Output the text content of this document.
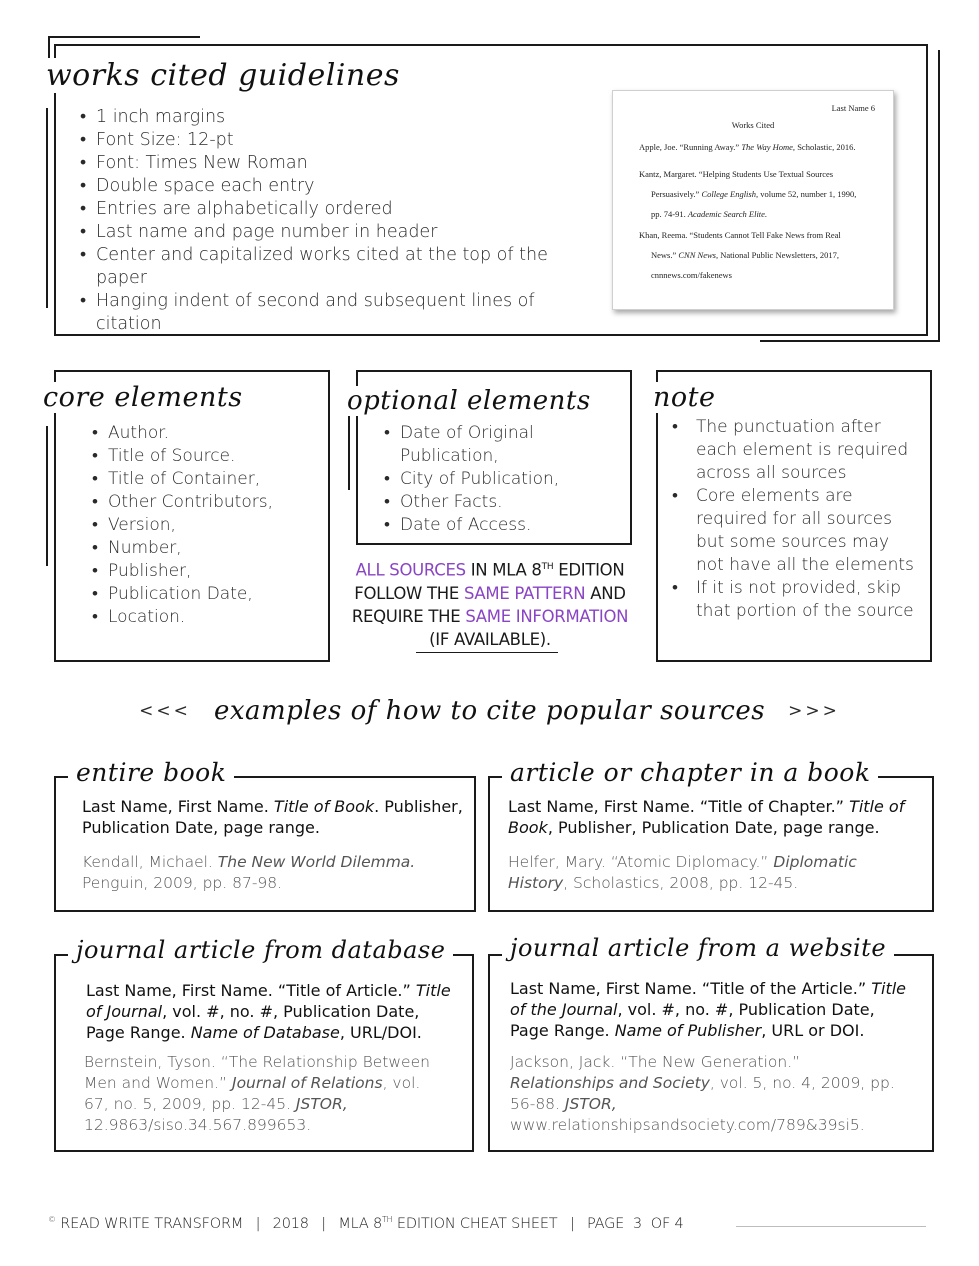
works cited guidelines
• 1 inch margins
• Font Size: 12-pt
• Font: Times New Roman
• Double space each entry
• Entries are alphabetically ordered
• Last name and page number in header
• Center and capitalized works cited at the top of the paper
• Hanging indent of second and subsequent lines of citation
Last Name 6
Works Cited
Apple, Joe. “Running Away.” The Way Home, Scholastic, 2016.
Kantz, Margaret. “Helping Students Use Textual Sources
Persuasively.” College English, volume 52, number 1, 1990,
pp. 74-91. Academic Search Elite.
Khan, Reema. “Students Cannot Tell Fake News from Real
News.” CNN News, National Public Newsletters, 2017,
cnnnews.com/fakenews
core elements
• Author.
• Title of Source.
• Title of Container,
• Other Contributors,
• Version,
• Number,
• Publisher,
• Publication Date,
• Location.
optional elements
• Date of Original Publication,
• City of Publication,
• Other Facts.
• Date of Access.
ALL SOURCES IN MLA 8TH EDITION
FOLLOW THE SAME PATTERN AND
REQUIRE THE SAME INFORMATION
(IF AVAILABLE).
note
• The punctuation after each element is required across all sources
• Core elements are required for all sources but some sources may not have all the elements
• If it is not provided, skip that portion of the source
<<< examples of how to cite popular sources >>>
entire book
Last Name, First Name. Title of Book. Publisher,
Publication Date, page range.
Kendall, Michael. The New World Dilemma.
Penguin, 2009, pp. 87-98.
article or chapter in a book
Last Name, First Name. “Title of Chapter.” Title of
Book, Publisher, Publication Date, page range.
Helfer, Mary. “Atomic Diplomacy.” Diplomatic
History, Scholastics, 2008, pp. 12-45.
journal article from database
Last Name, First Name. “Title of Article.” Title
of Journal, vol. #, no. #, Publication Date,
Page Range. Name of Database, URL/DOI.
Bernstein, Tyson. “The Relationship Between
Men and Women.” Journal of Relations, vol.
67, no. 5, 2009, pp. 12-45. JSTOR,
12.9863/siso.34.567.899653.
journal article from a website
Last Name, First Name. “Title of the Article.” Title
of the Journal, vol. #, no. #, Publication Date,
Page Range. Name of Publisher, URL or DOI.
Jackson, Jack. “The New Generation.”
Relationships and Society, vol. 5, no. 4, 2009, pp.
56-88. JSTOR,
www.relationshipsandsociety.com/789&39si5.
© READ WRITE TRANSFORM | 2018 | MLA 8TH EDITION CHEAT SHEET | PAGE  3  OF 4
